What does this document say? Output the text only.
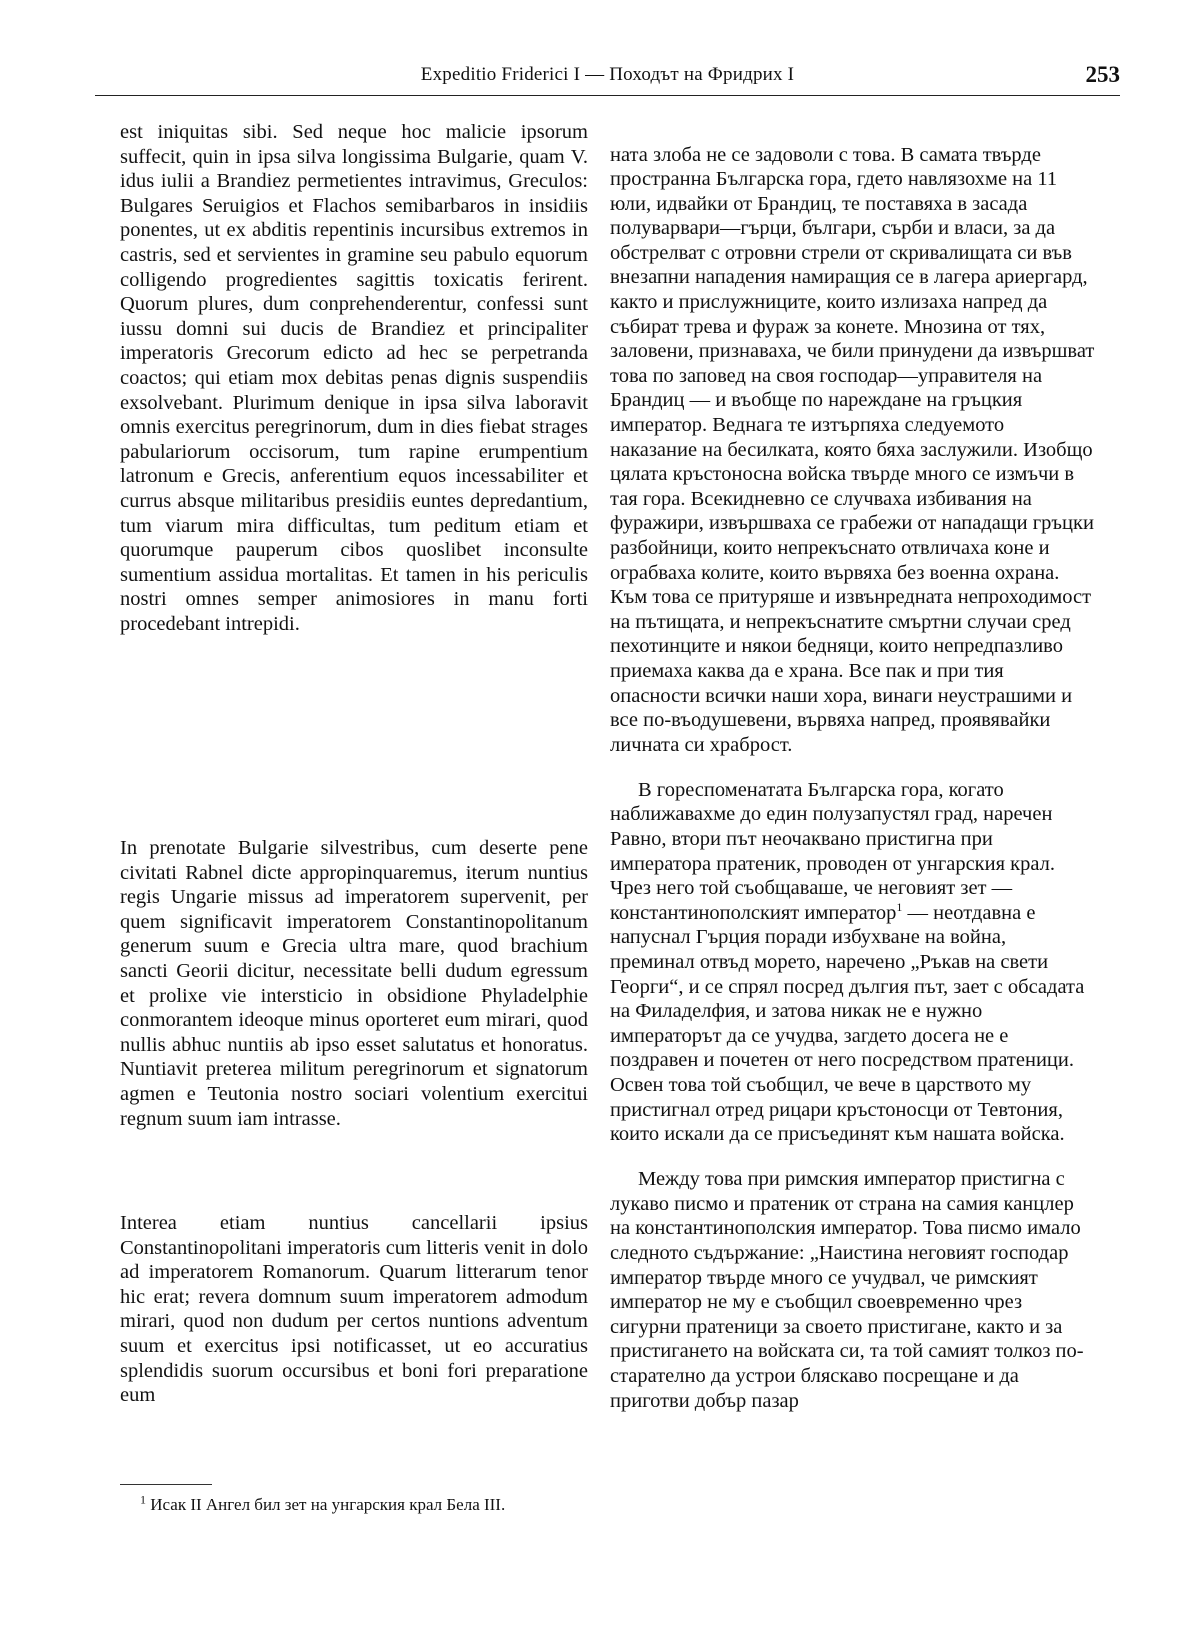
Expeditio Friderici I — Походът на Фридрих I	253

est iniquitas sibi. Sed neque hoc malicie ipsorum suffecit, quin in ipsa silva longissima Bulgarie, quam V. idus iulii a Brandiez permetientes intravimus, Greculos: Bulgares Seruigios et Flachos semibarbaros in insidiis ponentes, ut ex abditis repentinis incursibus extremos in castris, sed et servientes in gramine seu pabulo equorum colligendo progredientes sagittis toxicatis ferirent. Quorum plures, dum conprehenderentur, confessi sunt iussu domni sui ducis de Brandiez et principaliter imperatoris Grecorum edicto ad hec se perpetranda coactos; qui etiam mox debitas penas dignis suspendiis exsolvebant. Plurimum denique in ipsa silva laboravit omnis exercitus peregrinorum, dum in dies fiebat strages pabulariorum occisorum, tum rapine erumpentium latronum e Grecis, anferentium equos incessabiliter et currus absque militaribus presidiis euntes depredantium, tum viarum mira difficultas, tum peditum etiam et quorumque pauperum cibos quoslibet inconsulte sumentium assidua mortalitas. Et tamen in his periculis nostri omnes semper animosiores in manu forti procedebant intrepidi.

In prenotate Bulgarie silvestribus, cum deserte pene civitati Rabnel dicte appropinquaremus, iterum nuntius regis Ungarie missus ad imperatorem supervenit, per quem significavit imperatorem Constantinopolitanum generum suum e Grecia ultra mare, quod brachium sancti Georii dicitur, necessitate belli dudum egressum et prolixe vie intersticio in obsidione Phyladelphie conmorantem ideoque minus oporteret eum mirari, quod nullis abhuc nuntiis ab ipso esset salutatus et honoratus. Nuntiavit preterea militum peregrinorum et signatorum agmen e Teutonia nostro sociari volentium exercitui regnum suum iam intrasse.

Interea etiam nuntius cancellarii ipsius Constantinopolitani imperatoris cum litteris venit in dolo ad imperatorem Romanorum. Quarum litterarum tenor hic erat; revera domnum suum imperatorem admodum mirari, quod non dudum per certos nuntions adventum suum et exercitus ipsi notificasset, ut eo accuratius splendidis suorum occursibus et boni fori preparatione eum

ната злоба не се задоволи с това. В самата твърде пространна Българска гора, гдето навлязохме на 11 юли, идвайки от Брандиц, те поставяха в засада полуварвари—гърци, българи, сърби и власи, за да обстрелват с отровни стрели от скривалищата си във внезапни нападения намиращия се в лагера ариергард, както и прислужниците, които излизаха напред да събират трева и фураж за конете. Мнозина от тях, заловени, признаваха, че били принудени да извършват това по заповед на своя господар—управителя на Брандиц — и въобще по нареждане на гръцкия император. Веднага те изтърпяха следуемото наказание на бесилката, която бяха заслужили. Изобщо цялата кръстоносна войска твърде много се измъчи в тая гора. Всекидневно се случваха избивания на фуражири, извършваха се грабежи от нападащи гръцки разбойници, които непрекъснато отвличаха коне и ограбваха колите, които вървяха без военна охрана. Към това се притуряше и извънредната непроходимост на пътищата, и непрекъснатите смъртни случаи сред пехотинците и някои бедняци, които непредпазливо приемаха каква да е храна. Все пак и при тия опасности всички наши хора, винаги неустрашими и все по-въодушевени, вървяха напред, проявявайки личната си храброст.

В гореспоменатата Българска гора, когато наближавахме до един полузапустял град, наречен Равно, втори път неочаквано пристигна при императора пратеник, проводен от унгарския крал. Чрез него той съобщаваше, че неговият зет — константинополският император$^1$ — неотдавна е напуснал Гърция поради избухване на война, преминал отвъд морето, наречено „Ръкав на свети Георги“, и се спрял посред дългия път, зает с обсадата на Филаделфия, и затова никак не е нужно императорът да се учудва, загдето досега не е поздравен и почетен от него посредством пратеници. Освен това той съобщил, че вече в царството му пристигнал отред рицари кръстоносци от Тевтония, които искали да се присъединят към нашата войска.

Между това при римския император пристигна с лукаво писмо и пратеник от страна на самия канцлер на константинополския император. Това писмо имало следното съдържание: „Наистина неговият господар император твърде много се учудвал, че римският император не му е съобщил своевременно чрез сигурни пратеници за своето пристигане, както и за пристигането на войската си, та той самият толкоз по-старателно да устрои бляскаво посрещане и да приготви добър пазар

$^1$ Исак II Ангел бил зет на унгарския крал Бела III.
